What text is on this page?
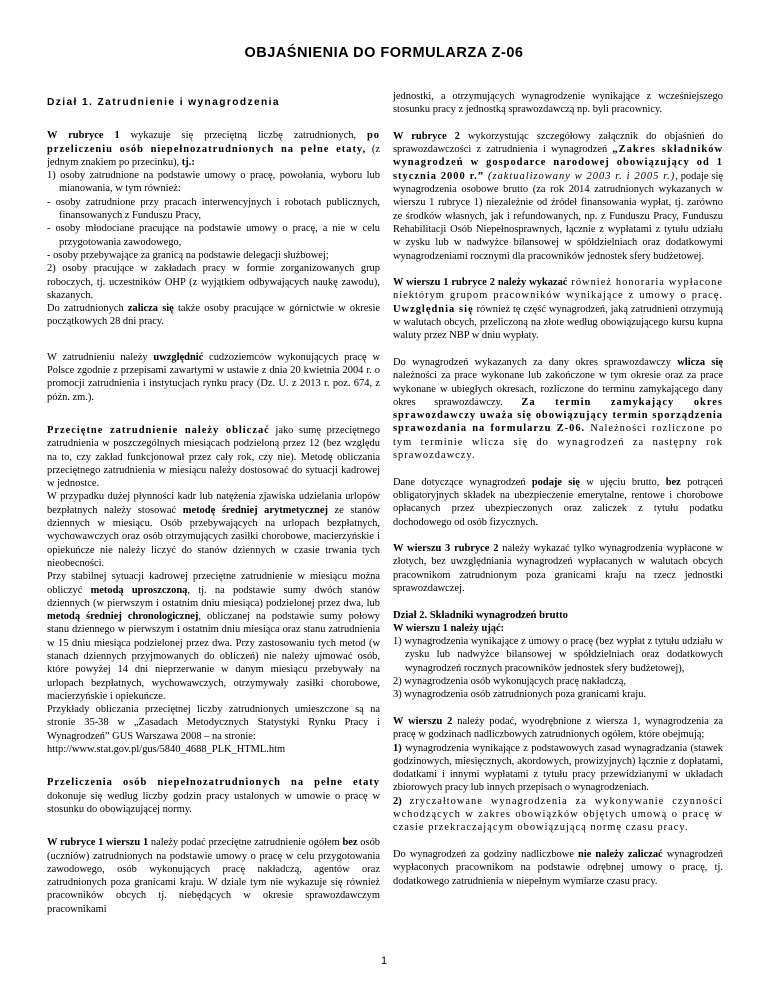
OBJAŚNIENIA DO FORMULARZA Z-06

Dział 1. Zatrudnienie i wynagrodzenia

W rubryce 1 wykazuje się przeciętną liczbę zatrudnionych, po przeliczeniu osób niepełnozatrudnionych na pełne etaty, (z jednym znakiem po przecinku), tj.:
1) osoby zatrudnione na podstawie umowy o pracę, powołania, wyboru lub mianowania, w tym również:
- osoby zatrudnione przy pracach interwencyjnych i robotach publicznych, finansowanych z Funduszu Pracy,
- osoby młodociane pracujące na podstawie umowy o pracę, a nie w celu przygotowania zawodowego,
- osoby przebywające za granicą na podstawie delegacji służbowej;
2) osoby pracujące w zakładach pracy w formie zorganizowanych grup roboczych, tj. uczestników OHP (z wyjątkiem odbywających naukę zawodu), skazanych.
Do zatrudnionych zalicza się także osoby pracujące w górnictwie w okresie początkowych 28 dni pracy.

W zatrudnieniu należy uwzględnić cudzoziemców wykonujących pracę w Polsce zgodnie z przepisami zawartymi w ustawie z dnia 20 kwietnia 2004 r. o promocji zatrudnienia i instytucjach rynku pracy (Dz. U. z 2013 r. poz. 674, z późn. zm.).

Przeciętne zatrudnienie należy obliczać jako sumę przeciętnego zatrudnienia w poszczególnych miesiącach podzieloną przez 12 (bez względu na to, czy zakład funkcjonował przez cały rok, czy nie). Metodę obliczania przeciętnego zatrudnienia w miesiącu należy dostosować do sytuacji kadrowej w jednostce.
W przypadku dużej płynności kadr lub natężenia zjawiska udzielania urlopów bezpłatnych należy stosować metodę średniej arytmetycznej ze stanów dziennych w miesiącu. Osób przebywających na urlopach bezpłatnych, wychowawczych oraz osób otrzymujących zasiłki chorobowe, macierzyńskie i opiekuńcze nie należy liczyć do stanów dziennych w czasie trwania tych nieobecności.
Przy stabilnej sytuacji kadrowej przeciętne zatrudnienie w miesiącu można obliczyć metodą uproszczoną, tj. na podstawie sumy dwóch stanów dziennych (w pierwszym i ostatnim dniu miesiąca) podzielonej przez dwa, lub metodą średniej chronologicznej, obliczanej na podstawie sumy połowy stanu dziennego w pierwszym i ostatnim dniu miesiąca oraz stanu zatrudnienia w 15 dniu miesiąca podzielonej przez dwa. Przy zastosowaniu tych metod (w stanach dziennych przyjmowanych do obliczeń) nie należy ujmować osób, które powyżej 14 dni nieprzerwanie w danym miesiącu przebywały na urlopach bezpłatnych, wychowawczych, otrzymywały zasiłki chorobowe, macierzyńskie i opiekuńcze.
Przykłady obliczania przeciętnej liczby zatrudnionych umieszczone są na stronie 35-38 w „Zasadach Metodycznych Statystyki Rynku Pracy i Wynagrodzeń” GUS Warszawa 2008 – na stronie:
http://www.stat.gov.pl/gus/5840_4688_PLK_HTML.htm

Przeliczenia osób niepełnozatrudnionych na pełne etaty dokonuje się według liczby godzin pracy ustalonych w umowie o pracę w stosunku do obowiązującej normy.

W rubryce 1 wierszu 1 należy podać przeciętne zatrudnienie ogółem bez osób (uczniów) zatrudnionych na podstawie umowy o pracę w celu przygotowania zawodowego, osób wykonujących pracę nakładczą, agentów oraz zatrudnionych poza granicami kraju. W dziale tym nie wykazuje się również pracowników obcych tj. niebędących w okresie sprawozdawczym pracownikami

jednostki, a otrzymujących wynagrodzenie wynikające z wcześniejszego stosunku pracy z jednostką sprawozdawczą np. byli pracownicy.

W rubryce 2 wykorzystując szczegółowy załącznik do objaśnień do sprawozdawczości z zatrudnienia i wynagrodzeń „Zakres składników wynagrodzeń w gospodarce narodowej obowiązujący od 1 stycznia 2000 r.” (zaktualizowany w 2003 r. i 2005 r.), podaje się wynagrodzenia osobowe brutto (za rok 2014 zatrudnionych wykazanych w wierszu 1 rubryce 1) niezależnie od źródeł finansowania wypłat, tj. zarówno ze środków własnych, jak i refundowanych, np. z Funduszu Pracy, Funduszu Rehabilitacji Osób Niepełnosprawnych, łącznie z wypłatami z tytułu udziału w zysku lub w nadwyżce bilansowej w spółdzielniach oraz dodatkowymi wynagrodzeniami rocznymi dla pracowników jednostek sfery budżetowej.

W wierszu 1 rubryce 2 należy wykazać również honoraria wypłacone niektórym grupom pracowników wynikające z umowy o pracę. Uwzględnia się również tę część wynagrodzeń, jaką zatrudnieni otrzymują w walutach obcych, przeliczoną na złote według obowiązującego kursu kupna waluty przez NBP w dniu wypłaty.

Do wynagrodzeń wykazanych za dany okres sprawozdawczy wlicza się należności za prace wykonane lub zakończone w tym okresie oraz za prace wykonane w ubiegłych okresach, rozliczone do terminu zamykającego dany okres sprawozdawczy. Za termin zamykający okres sprawozdawczy uważa się obowiązujący termin sporządzenia sprawozdania na formularzu Z-06. Należności rozliczone po tym terminie wlicza się do wynagrodzeń za następny rok sprawozdawczy.

Dane dotyczące wynagrodzeń podaje się w ujęciu brutto, bez potrąceń obligatoryjnych składek na ubezpieczenie emerytalne, rentowe i chorobowe opłacanych przez ubezpieczonych oraz zaliczek z tytułu podatku dochodowego od osób fizycznych.

W wierszu 3 rubryce 2 należy wykazać tylko wynagrodzenia wypłacone w złotych, bez uwzględniania wynagrodzeń wypłacanych w walutach obcych pracownikom zatrudnionym poza granicami kraju na rzecz jednostki sprawozdawczej.

Dział 2. Składniki wynagrodzeń brutto
W wierszu 1 należy ująć:
1) wynagrodzenia wynikające z umowy o pracę (bez wypłat z tytułu udziału w zysku lub nadwyżce bilansowej w spółdzielniach oraz dodatkowych wynagrodzeń rocznych pracowników jednostek sfery budżetowej),
2) wynagrodzenia osób wykonujących pracę nakładczą,
3) wynagrodzenia osób zatrudnionych poza granicami kraju.

W wierszu 2 należy podać, wyodrębnione z wiersza 1, wynagrodzenia za pracę w godzinach nadliczbowych zatrudnionych ogółem, które obejmują;
1) wynagrodzenia wynikające z podstawowych zasad wynagradzania (stawek godzinowych, miesięcznych, akordowych, prowizyjnych) łącznie z dopłatami, dodatkami i innymi wypłatami z tytułu pracy przewidzianymi w układach zbiorowych pracy lub innych przepisach o wynagrodzeniach.
2) zryczałtowane wynagrodzenia za wykonywanie czynności wchodzących w zakres obowiązków objętych umową o pracę w czasie przekraczającym obowiązującą normę czasu pracy.

Do wynagrodzeń za godziny nadliczbowe nie należy zaliczać wynagrodzeń wypłaconych pracownikom na podstawie odrębnej umowy o pracę, tj. dodatkowego zatrudnienia w niepełnym wymiarze czasu pracy.

1
